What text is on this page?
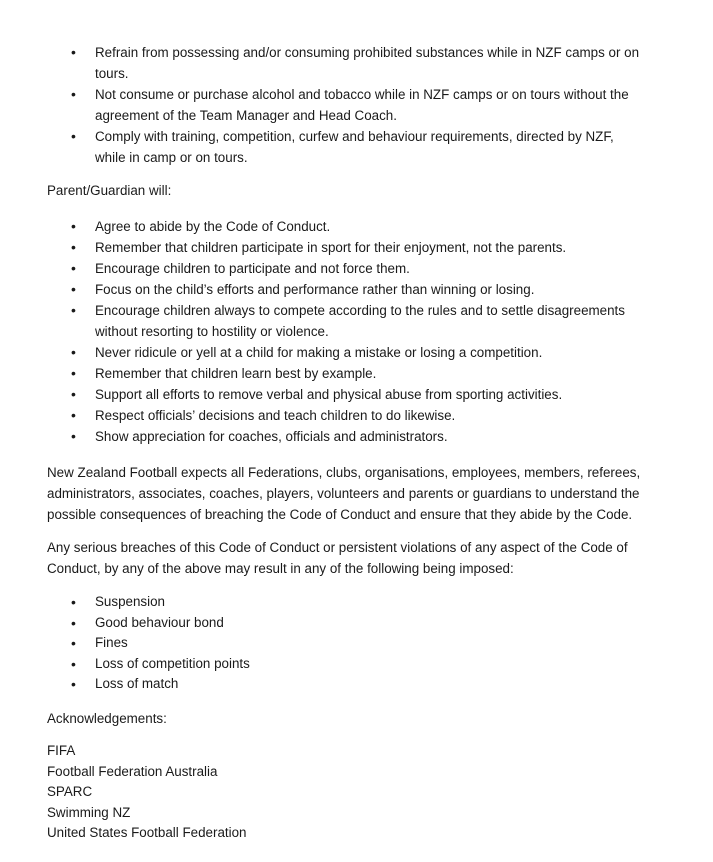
•	Refrain from possessing and/or consuming prohibited substances while in NZF camps or on tours.
•	Not consume or purchase alcohol and tobacco while in NZF camps or on tours without the agreement of the Team Manager and Head Coach.
•	Comply with training, competition, curfew and behaviour requirements, directed by NZF, while in camp or on tours.

Parent/Guardian will:

•	Agree to abide by the Code of Conduct.
•	Remember that children participate in sport for their enjoyment, not the parents.
•	Encourage children to participate and not force them.
•	Focus on the child’s efforts and performance rather than winning or losing.
•	Encourage children always to compete according to the rules and to settle disagreements without resorting to hostility or violence.
•	Never ridicule or yell at a child for making a mistake or losing a competition.
•	Remember that children learn best by example.
•	Support all efforts to remove verbal and physical abuse from sporting activities.
•	Respect officials’ decisions and teach children to do likewise.
•	Show appreciation for coaches, officials and administrators.

New Zealand Football expects all Federations, clubs, organisations, employees, members, referees, administrators, associates, coaches, players, volunteers and parents or guardians to understand the possible consequences of breaching the Code of Conduct and ensure that they abide by the Code.

Any serious breaches of this Code of Conduct or persistent violations of any aspect of the Code of Conduct, by any of the above may result in any of the following being imposed:

•	Suspension
•	Good behaviour bond
•	Fines
•	Loss of competition points
•	Loss of match

Acknowledgements:

FIFA
Football Federation Australia
SPARC
Swimming NZ
United States Football Federation
